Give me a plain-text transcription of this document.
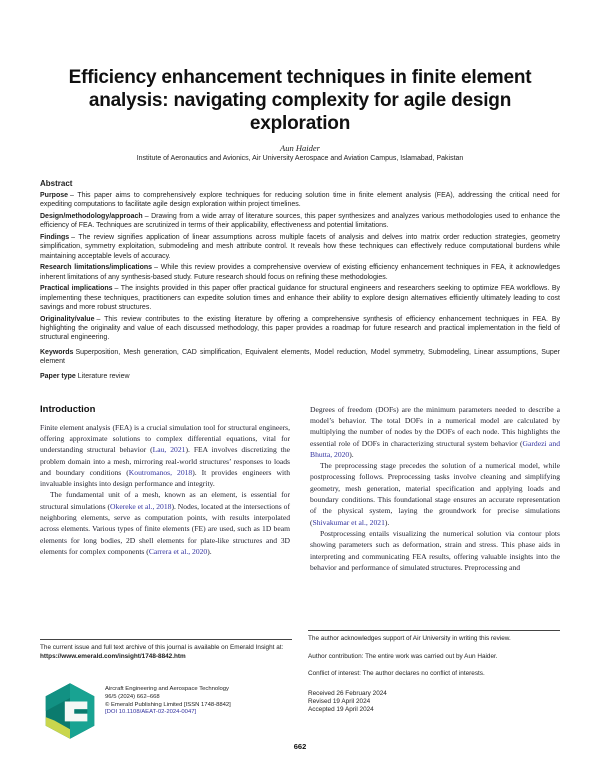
Efficiency enhancement techniques in finite element analysis: navigating complexity for agile design exploration
Aun Haider
Institute of Aeronautics and Avionics, Air University Aerospace and Aviation Campus, Islamabad, Pakistan

Abstract

Purpose – This paper aims to comprehensively explore techniques for reducing solution time in finite element analysis (FEA), addressing the critical need for expediting computations to facilitate agile design exploration within project timelines.

Design/methodology/approach – Drawing from a wide array of literature sources, this paper synthesizes and analyzes various methodologies used to enhance the efficiency of FEA. Techniques are scrutinized in terms of their applicability, effectiveness and potential limitations.

Findings – The review signifies application of linear assumptions across multiple facets of analysis and delves into matrix order reduction strategies, geometry simplification, symmetry exploitation, submodeling and mesh attribute control. It reveals how these techniques can effectively reduce computational burdens while maintaining acceptable levels of accuracy.

Research limitations/implications – While this review provides a comprehensive overview of existing efficiency enhancement techniques in FEA, it acknowledges inherent limitations of any synthesis-based study. Future research should focus on refining these methodologies.

Practical implications – The insights provided in this paper offer practical guidance for structural engineers and researchers seeking to optimize FEA workflows. By implementing these techniques, practitioners can expedite solution times and enhance their ability to explore design alternatives efficiently ultimately leading to cost savings and more robust structures.

Originality/value – This review contributes to the existing literature by offering a comprehensive synthesis of efficiency enhancement techniques in FEA. By highlighting the originality and value of each discussed methodology, this paper provides a roadmap for future research and practical implementation in the field of structural engineering.

Keywords Superposition, Mesh generation, CAD simplification, Equivalent elements, Model reduction, Model symmetry, Submodeling, Linear assumptions, Super element

Paper type Literature review

Introduction

Finite element analysis (FEA) is a crucial simulation tool for structural engineers, offering approximate solutions to complex differential equations, vital for understanding structural behavior (Lau, 2021). FEA involves discretizing the problem domain into a mesh, mirroring real-world structures’ responses to loads and boundary conditions (Koutromanos, 2018). It provides engineers with invaluable insights into design performance and integrity.

The fundamental unit of a mesh, known as an element, is essential for structural simulations (Okereke et al., 2018). Nodes, located at the intersections of neighboring elements, serve as computation points, with results interpolated across elements. Various types of finite elements (FE) are used, such as 1D beam elements for long bodies, 2D shell elements for plate-like structures and 3D elements for complex components (Carrera et al., 2020).

Degrees of freedom (DOFs) are the minimum parameters needed to describe a model’s behavior. The total DOFs in a numerical model are calculated by multiplying the number of nodes by the DOFs of each node. This highlights the essential role of DOFs in characterizing structural system behavior (Gardezi and Bhutta, 2020).

The preprocessing stage precedes the solution of a numerical model, while postprocessing follows. Preprocessing tasks involve cleaning and simplifying geometry, mesh generation, material specification and applying loads and boundary conditions. This foundational stage ensures an accurate representation of the physical system, laying the groundwork for precise simulations (Shivakumar et al., 2021).

Postprocessing entails visualizing the numerical solution via contour plots showing parameters such as deformation, strain and stress. This phase aids in interpreting and communicating FEA results, offering valuable insights into the behavior and performance of simulated structures. Preprocessing and

The current issue and full text archive of this journal is available on Emerald Insight at: https://www.emerald.com/insight/1748-8842.htm
Aircraft Engineering and Aerospace Technology
96/5 (2024) 662–668
© Emerald Publishing Limited [ISSN 1748-8842]
[DOI 10.1108/AEAT-02-2024-0047]

The author acknowledges support of Air University in writing this review.

Author contribution: The entire work was carried out by Aun Haider.

Conflict of interest: The author declares no conflict of interests.

Received 26 February 2024
Revised 19 April 2024
Accepted 19 April 2024
662
